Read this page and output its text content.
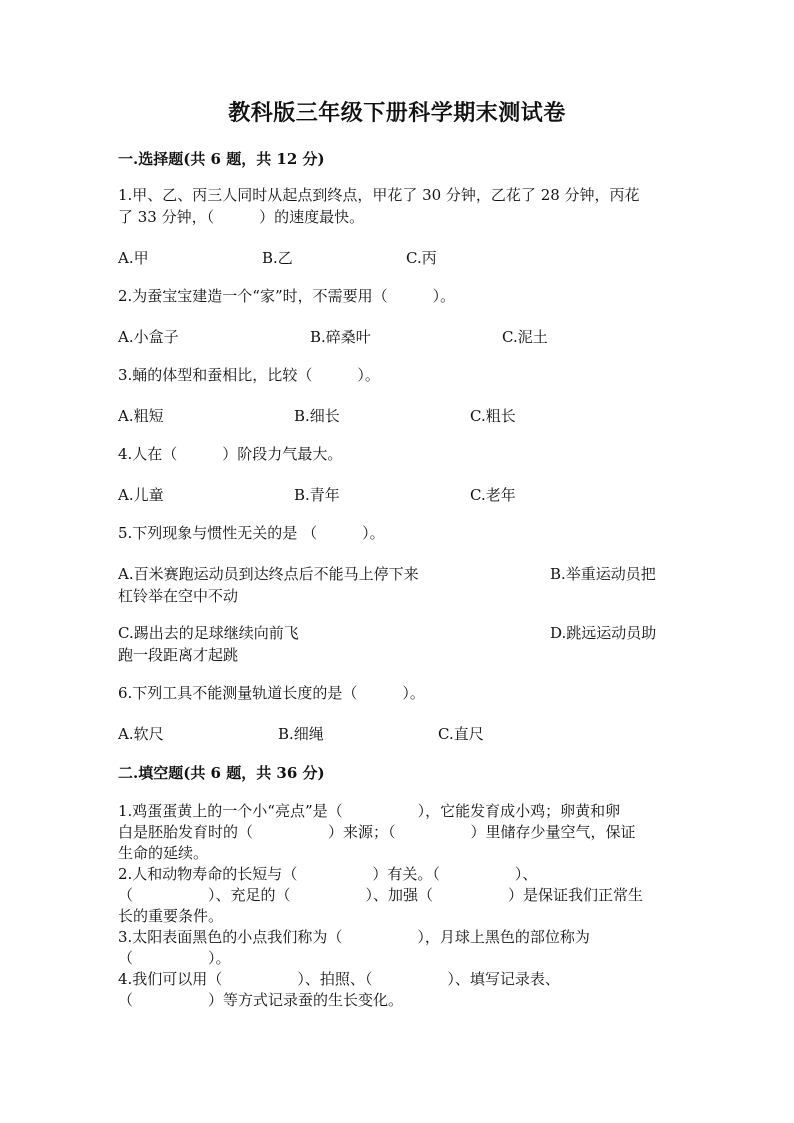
教科版三年级下册科学期末测试卷
一.选择题(共 6 题，共 12 分)
1.甲、乙、丙三人同时从起点到终点，甲花了 30 分钟，乙花了 28 分钟，丙花
了 33 分钟，（　　　）的速度最快。
A.甲	B.乙	C.丙
2.为蚕宝宝建造一个“家”时，不需要用（　　　）。
A.小盒子	B.碎桑叶	C.泥土
3.蛹的体型和蚕相比，比较（　　　）。
A.粗短	B.细长	C.粗长
4.人在（　　　）阶段力气最大。
A.儿童	B.青年	C.老年
5.下列现象与惯性无关的是 （　　　）。
A.百米赛跑运动员到达终点后不能马上停下来	B.举重运动员把
杠铃举在空中不动
C.踢出去的足球继续向前飞	D.跳远运动员助
跑一段距离才起跳
6.下列工具不能测量轨道长度的是（　　　）。
A.软尺	B.细绳	C.直尺
二.填空题(共 6 题，共 36 分)
1.鸡蛋蛋黄上的一个小“亮点”是（　　　　　），它能发育成小鸡；卵黄和卵
白是胚胎发育时的（　　　　　）来源；（　　　　　）里储存少量空气，保证
生命的延续。
2.人和动物寿命的长短与（　　　　　）有关。（　　　　　）、
（　　　　　）、充足的（　　　　　）、加强（　　　　　）是保证我们正常生
长的重要条件。
3.太阳表面黑色的小点我们称为（　　　　　），月球上黑色的部位称为
（　　　　　）。
4.我们可以用（　　　　　）、拍照、（　　　　　）、填写记录表、
（　　　　　）等方式记录蚕的生长变化。
